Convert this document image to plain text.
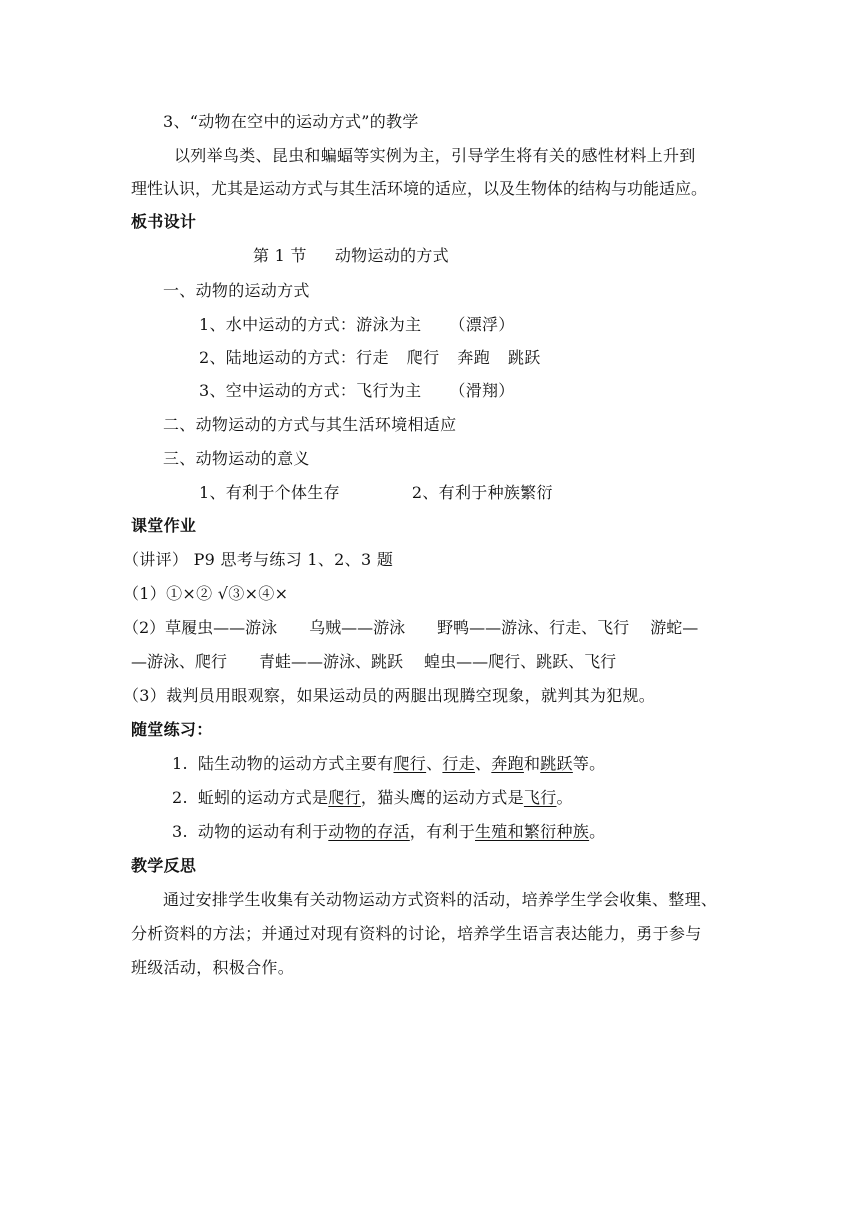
3、“动物在空中的运动方式”的教学
以列举鸟类、昆虫和蝙蝠等实例为主，引导学生将有关的感性材料上升到
理性认识，尤其是运动方式与其生活环境的适应，以及生物体的结构与功能适应。
板书设计
第 1 节 动物运动的方式
一、动物的运动方式
1、水中运动的方式：游泳为主 （漂浮）
2、陆地运动的方式：行走 爬行 奔跑 跳跃
3、空中运动的方式：飞行为主 （滑翔）
二、动物运动的方式与其生活环境相适应
三、动物运动的意义
1、有利于个体生存	2、有利于种族繁衍
课堂作业
（讲评） P9 思考与练习 1、2、3 题
（1）①×② √③×④×
（2）草履虫——游泳　　乌贼——游泳　　野鸭——游泳、行走、飞行　 游蛇—
—游泳、爬行　　青蛙——游泳、跳跃　 蝗虫——爬行、跳跃、飞行
（3）裁判员用眼观察，如果运动员的两腿出现腾空现象，就判其为犯规。
随堂练习：
1. 陆生动物的运动方式主要有爬行、行走、奔跑和跳跃等。
2. 蚯蚓的运动方式是爬行，猫头鹰的运动方式是飞行。
3. 动物的运动有利于动物的存活，有利于生殖和繁衍种族。
教学反思
通过安排学生收集有关动物运动方式资料的活动，培养学生学会收集、整理、
分析资料的方法；并通过对现有资料的讨论，培养学生语言表达能力，勇于参与
班级活动，积极合作。
